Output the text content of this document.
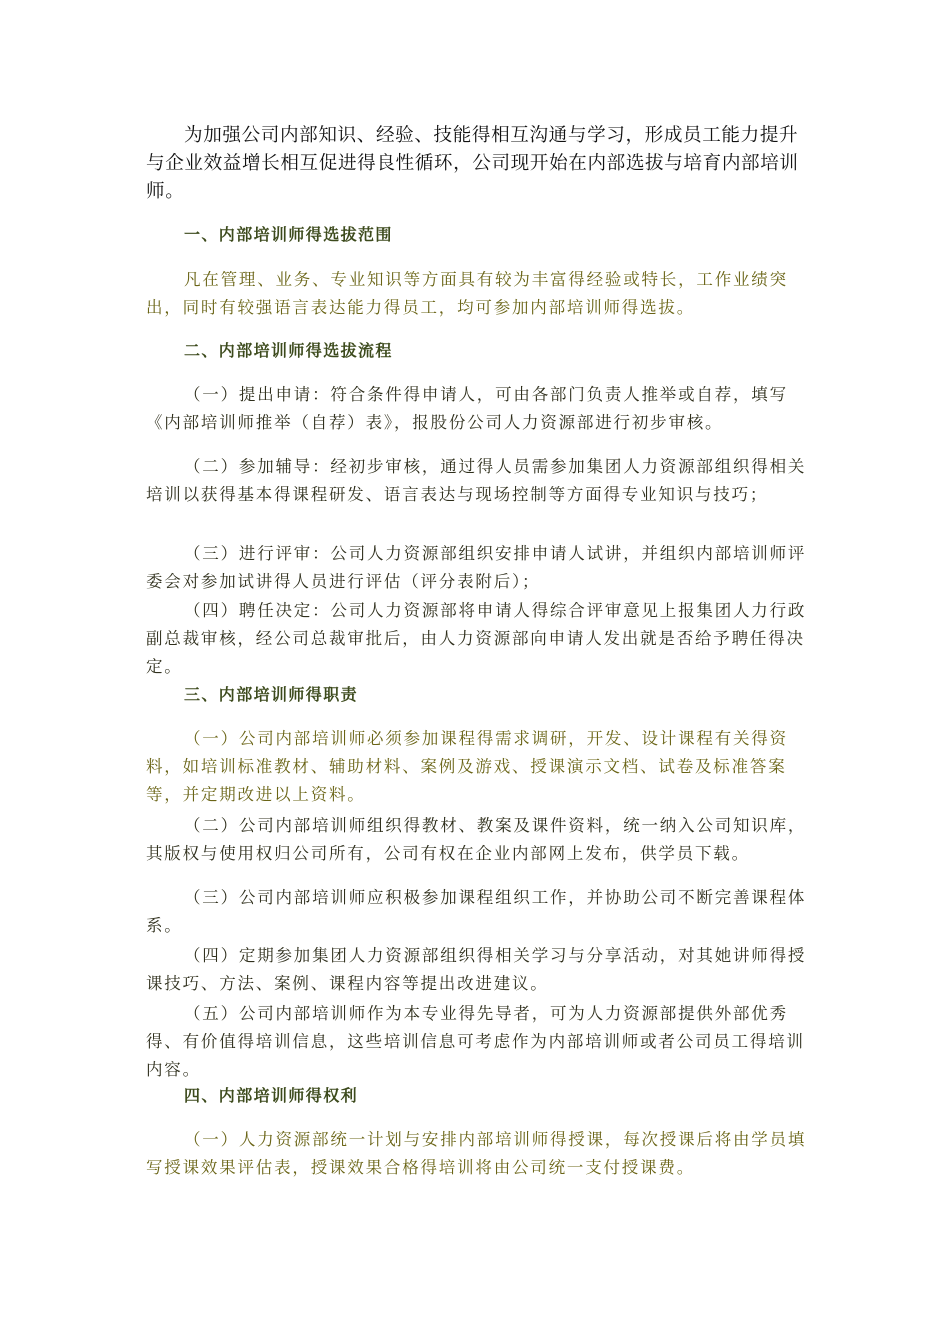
为加强公司内部知识、经验、技能得相互沟通与学习，形成员工能力提升与企业效益增长相互促进得良性循环，公司现开始在内部选拔与培育内部培训师。

一、内部培训师得选拔范围

凡在管理、业务、专业知识等方面具有较为丰富得经验或特长，工作业绩突出，同时有较强语言表达能力得员工，均可参加内部培训师得选拔。

二、内部培训师得选拔流程

（一）提出申请：符合条件得申请人，可由各部门负责人推举或自荐，填写《内部培训师推举（自荐）表》，报股份公司人力资源部进行初步审核。

（二）参加辅导：经初步审核，通过得人员需参加集团人力资源部组织得相关培训以获得基本得课程研发、语言表达与现场控制等方面得专业知识与技巧；

（三）进行评审：公司人力资源部组织安排申请人试讲，并组织内部培训师评委会对参加试讲得人员进行评估（评分表附后）；

（四）聘任决定：公司人力资源部将申请人得综合评审意见上报集团人力行政副总裁审核，经公司总裁审批后，由人力资源部向申请人发出就是否给予聘任得决定。

三、内部培训师得职责

（一）公司内部培训师必须参加课程得需求调研，开发、设计课程有关得资料，如培训标准教材、辅助材料、案例及游戏、授课演示文档、试卷及标准答案等，并定期改进以上资料。

（二）公司内部培训师组织得教材、教案及课件资料，统一纳入公司知识库，其版权与使用权归公司所有，公司有权在企业内部网上发布，供学员下载。

（三）公司内部培训师应积极参加课程组织工作，并协助公司不断完善课程体系。

（四）定期参加集团人力资源部组织得相关学习与分享活动，对其她讲师得授课技巧、方法、案例、课程内容等提出改进建议。

（五）公司内部培训师作为本专业得先导者，可为人力资源部提供外部优秀得、有价值得培训信息，这些培训信息可考虑作为内部培训师或者公司员工得培训内容。

四、内部培训师得权利

（一）人力资源部统一计划与安排内部培训师得授课，每次授课后将由学员填写授课效果评估表，授课效果合格得培训将由公司统一支付授课费。
